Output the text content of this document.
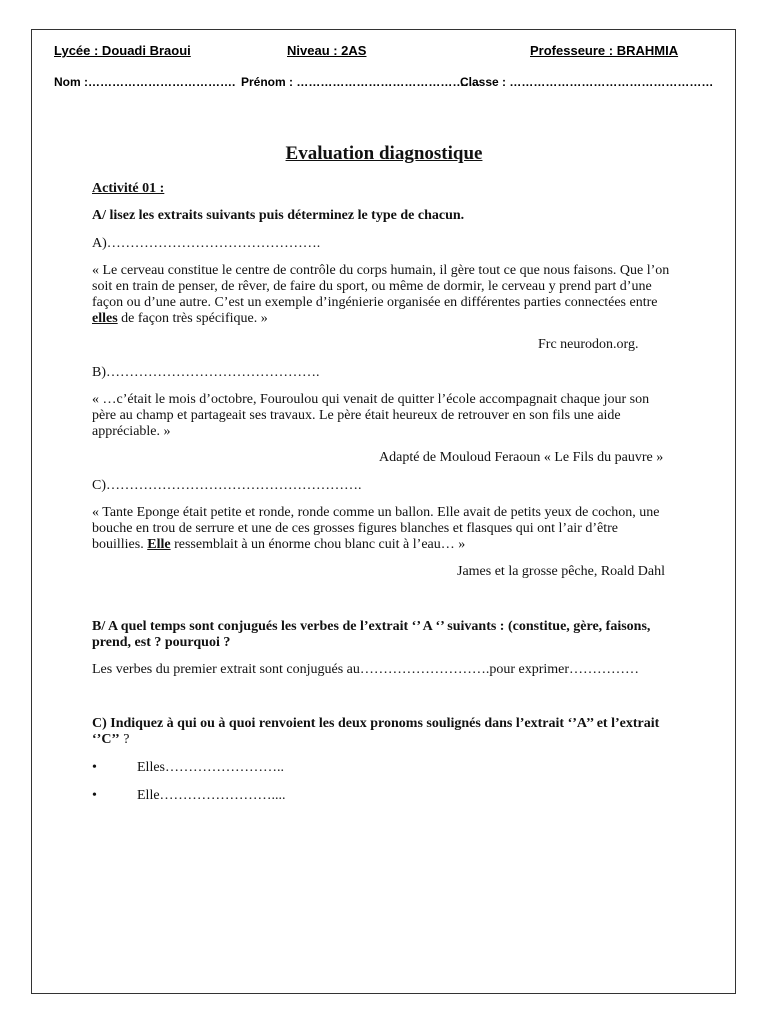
Lycée : Douadi Braoui	Niveau : 2AS	Professeure : BRAHMIA
Nom :………………………………. Prénom : ……………………………………….
Classe : ……………………………………………
Evaluation diagnostique
Activité 01 :
A/ lisez les extraits suivants puis déterminez le type de chacun.
A)……………………………………….
« Le cerveau constitue le centre de contrôle du corps humain, il gère tout ce que nous faisons. Que l’on
soit en train de penser, de rêver, de faire du sport, ou même de dormir, le cerveau y prend part d’une
façon ou d’une autre. C’est un exemple d’ingénierie organisée en différentes parties connectées entre
elles de façon très spécifique. »
Frc neurodon.org.
B)……………………………………….
« …c’était le mois d’octobre, Fouroulou qui venait de quitter l’école accompagnait chaque jour son
père au champ et partageait ses travaux. Le père était heureux de retrouver en son fils une aide
appréciable. »
Adapté de Mouloud Feraoun « Le Fils du pauvre »
C)……………………………………………….
« Tante Eponge était petite et ronde, ronde comme un ballon. Elle avait de petits yeux de cochon, une
bouche en trou de serrure et une de ces grosses figures blanches et flasques qui ont l’air d’être
bouillies. Elle ressemblait à un énorme chou blanc cuit à l’eau… »
James et la grosse pêche, Roald Dahl
B/ A quel temps sont conjugués les verbes de l’extrait ‘’ A ‘’ suivants : (constitue, gère, faisons,
prend, est ? pourquoi ?
Les verbes du premier extrait sont conjugués au……………………….pour exprimer……………
C) Indiquez à qui ou à quoi renvoient les deux pronoms soulignés dans l’extrait ‘’A’’ et l’extrait
‘’C’’ ?
•	Elles……………………..
•	Elle……………………....
